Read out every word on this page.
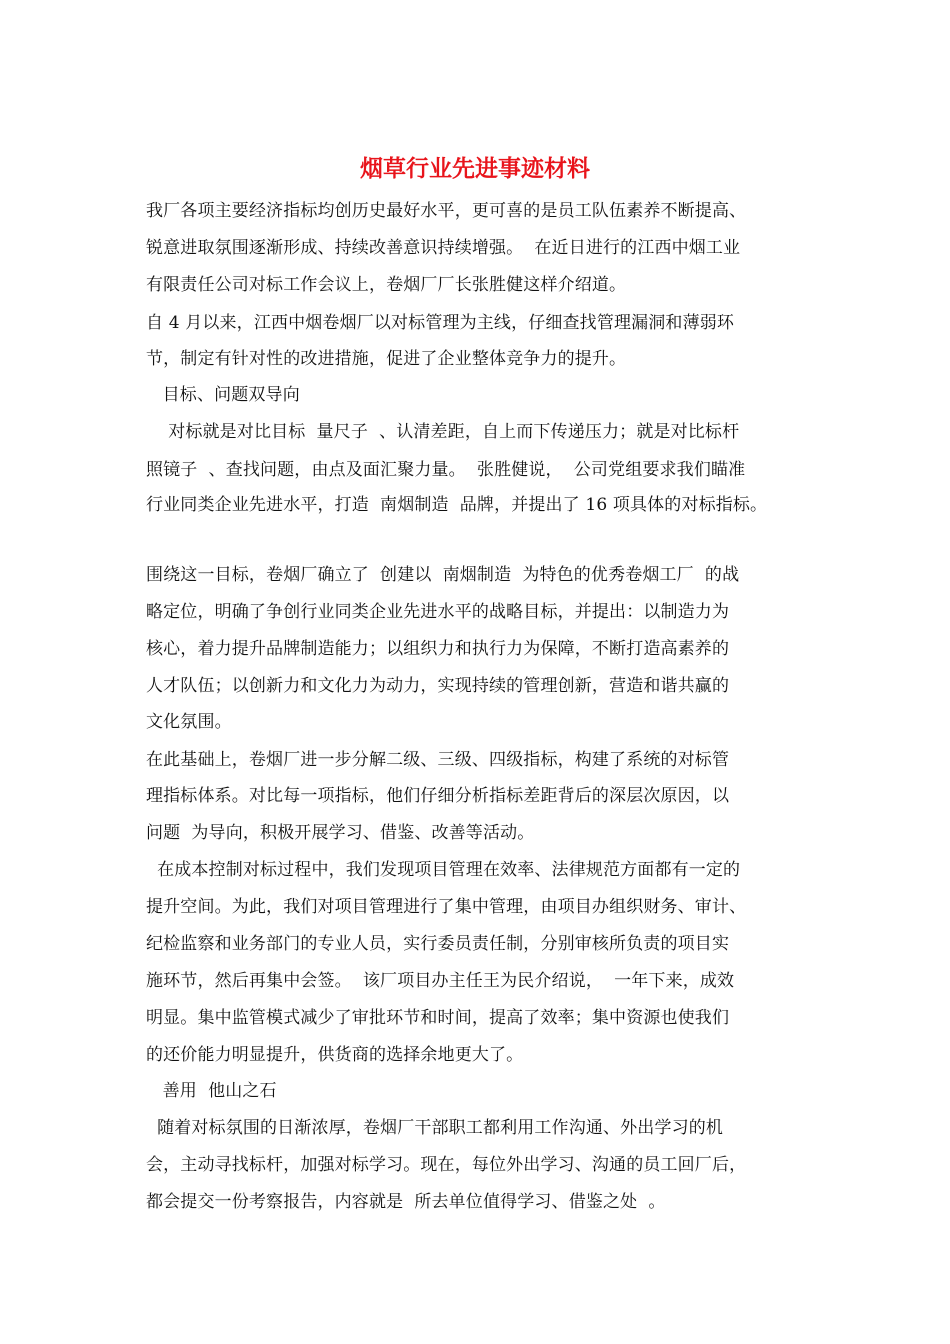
烟草行业先进事迹材料
我厂各项主要经济指标均创历史最好水平，更可喜的是员工队伍素养不断提高、
锐意进取氛围逐渐形成、持续改善意识持续增强。  在近日进行的江西中烟工业
有限责任公司对标工作会议上，卷烟厂厂长张胜健这样介绍道。
自 4 月以来，江西中烟卷烟厂以对标管理为主线，仔细查找管理漏洞和薄弱环
节，制定有针对性的改进措施，促进了企业整体竞争力的提升。
目标、问题双导向
对标就是对比目标  量尺子  、认清差距，自上而下传递压力；就是对比标杆
照镜子  、查找问题，由点及面汇聚力量。  张胜健说，  公司党组要求我们瞄准
行业同类企业先进水平，打造  南烟制造  品牌，并提出了 16 项具体的对标指标。
围绕这一目标，卷烟厂确立了  创建以  南烟制造  为特色的优秀卷烟工厂  的战
略定位，明确了争创行业同类企业先进水平的战略目标，并提出：以制造力为
核心，着力提升品牌制造能力；以组织力和执行力为保障，不断打造高素养的
人才队伍；以创新力和文化力为动力，实现持续的管理创新，营造和谐共赢的
文化氛围。
在此基础上，卷烟厂进一步分解二级、三级、四级指标，构建了系统的对标管
理指标体系。对比每一项指标，他们仔细分析指标差距背后的深层次原因，以
问题  为导向，积极开展学习、借鉴、改善等活动。
在成本控制对标过程中，我们发现项目管理在效率、法律规范方面都有一定的
提升空间。为此，我们对项目管理进行了集中管理，由项目办组织财务、审计、
纪检监察和业务部门的专业人员，实行委员责任制，分别审核所负责的项目实
施环节，然后再集中会签。  该厂项目办主任王为民介绍说，  一年下来，成效
明显。集中监管模式减少了审批环节和时间，提高了效率；集中资源也使我们
的还价能力明显提升，供货商的选择余地更大了。
善用  他山之石
随着对标氛围的日渐浓厚，卷烟厂干部职工都利用工作沟通、外出学习的机
会，主动寻找标杆，加强对标学习。现在，每位外出学习、沟通的员工回厂后，
都会提交一份考察报告，内容就是  所去单位值得学习、借鉴之处  。
